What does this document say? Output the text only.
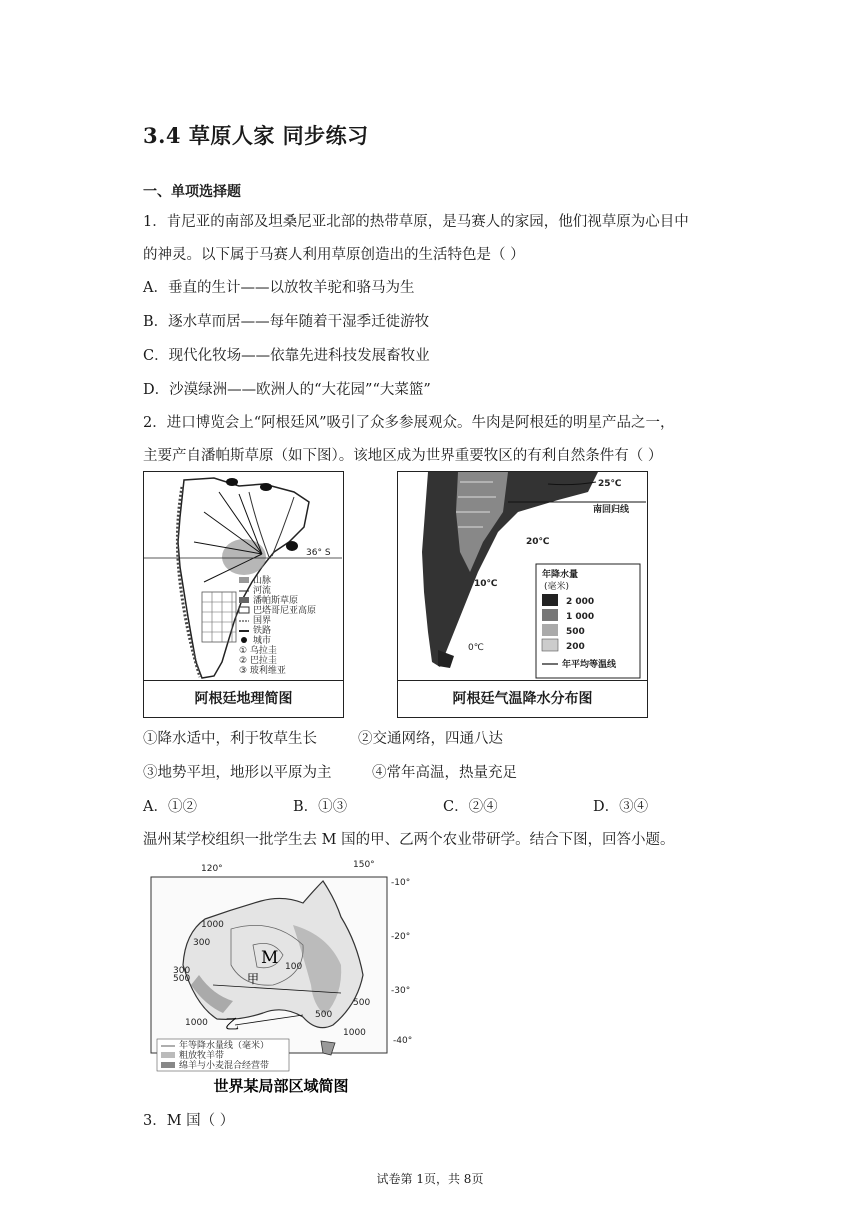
3.4 草原人家 同步练习
一、单项选择题
1．肯尼亚的南部及坦桑尼亚北部的热带草原，是马赛人的家园，他们视草原为心目中
的神灵。以下属于马赛人利用草原创造出的生活特色是（ ）
A．垂直的生计——以放牧羊驼和骆马为生
B．逐水草而居——每年随着干湿季迁徙游牧
C．现代化牧场——依靠先进科技发展畜牧业
D．沙漠绿洲——欧洲人的“大花园”“大菜篮”
2．进口博览会上“阿根廷风”吸引了众多参展观众。牛肉是阿根廷的明星产品之一，
主要产自潘帕斯草原（如下图）。该地区成为世界重要牧区的有利自然条件有（ ）
36° S
山脉
河流
潘帕斯草原
巴塔哥尼亚高原
国界
铁路
城市
① 乌拉圭
② 巴拉圭
③ 玻利维亚
阿根廷地理简图
25℃
南回归线
20℃
10℃
0℃
年降水量
(毫米)
2 000
1 000
500
200
年平均等温线
阿根廷气温降水分布图
①降水适中，利于牧草生长	②交通网络，四通八达
③地势平坦，地形以平原为主	④常年高温，热量充足
A．①②	B．①③	C．②④	D．③④
温州某学校组织一批学生去 M 国的甲、乙两个农业带研学。结合下图，回答小题。
120°	150°
-10°
-20°
-30°
-40°
M
甲
乙
1000
300
100
500
300
500
1000
1000
500
年等降水量线（毫米）
粗放牧羊带
绵羊与小麦混合经营带
世界某局部区域简图
3．M 国（ ）
试卷第 1页，共 8页
